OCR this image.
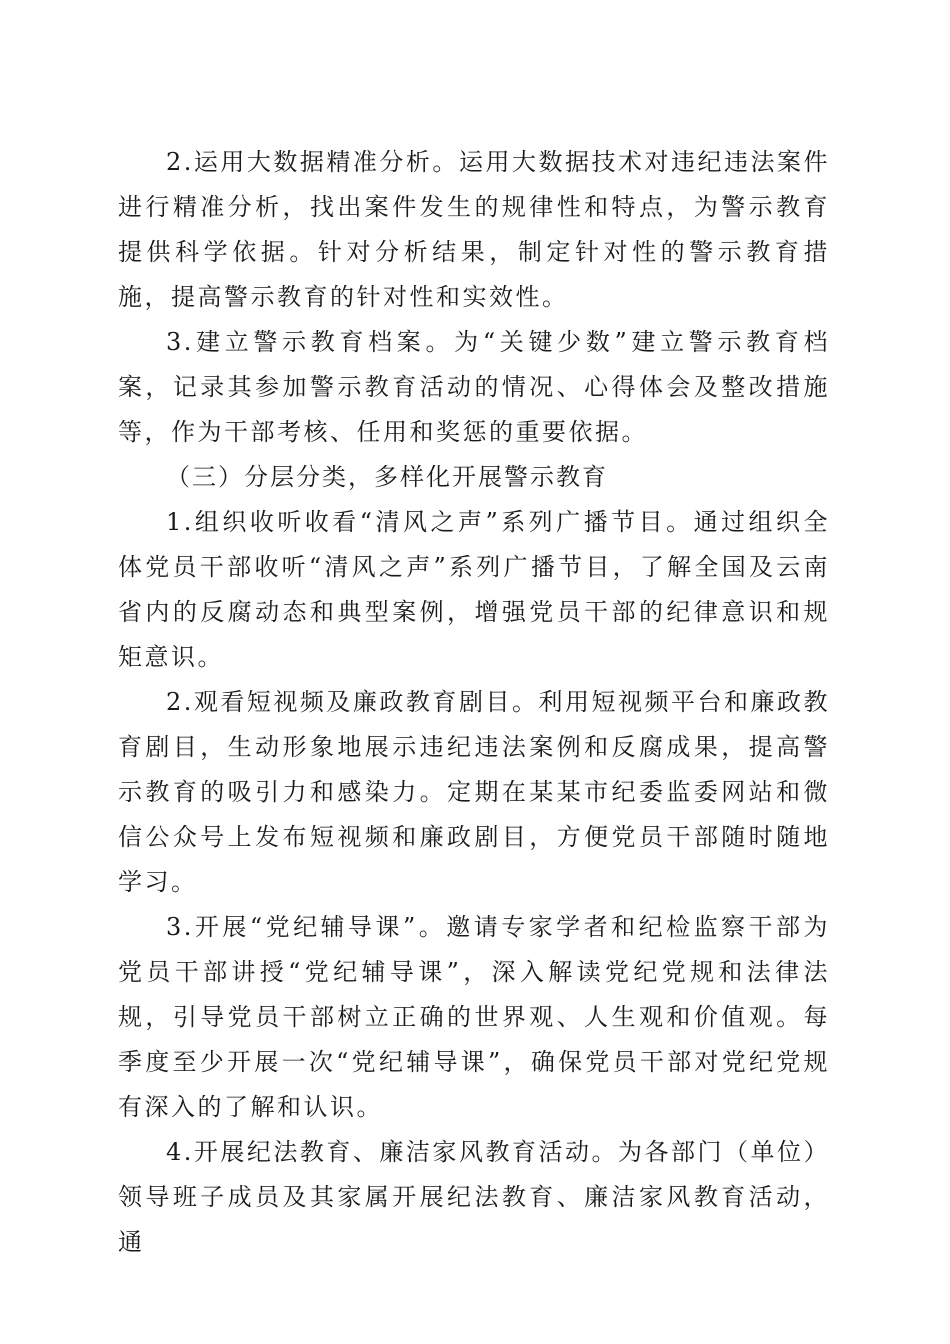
2.运用大数据精准分析。运用大数据技术对违纪违法案件进行精准分析，找出案件发生的规律性和特点，为警示教育提供科学依据。针对分析结果，制定针对性的警示教育措施，提高警示教育的针对性和实效性。

3.建立警示教育档案。为“关键少数”建立警示教育档案，记录其参加警示教育活动的情况、心得体会及整改措施等，作为干部考核、任用和奖惩的重要依据。

（三）分层分类，多样化开展警示教育

1.组织收听收看“清风之声”系列广播节目。通过组织全体党员干部收听“清风之声”系列广播节目，了解全国及云南省内的反腐动态和典型案例，增强党员干部的纪律意识和规矩意识。

2.观看短视频及廉政教育剧目。利用短视频平台和廉政教育剧目，生动形象地展示违纪违法案例和反腐成果，提高警示教育的吸引力和感染力。定期在某某市纪委监委网站和微信公众号上发布短视频和廉政剧目，方便党员干部随时随地学习。

3.开展“党纪辅导课”。邀请专家学者和纪检监察干部为党员干部讲授“党纪辅导课”，深入解读党纪党规和法律法规，引导党员干部树立正确的世界观、人生观和价值观。每季度至少开展一次“党纪辅导课”，确保党员干部对党纪党规有深入的了解和认识。

4.开展纪法教育、廉洁家风教育活动。为各部门（单位）领导班子成员及其家属开展纪法教育、廉洁家风教育活动，通
